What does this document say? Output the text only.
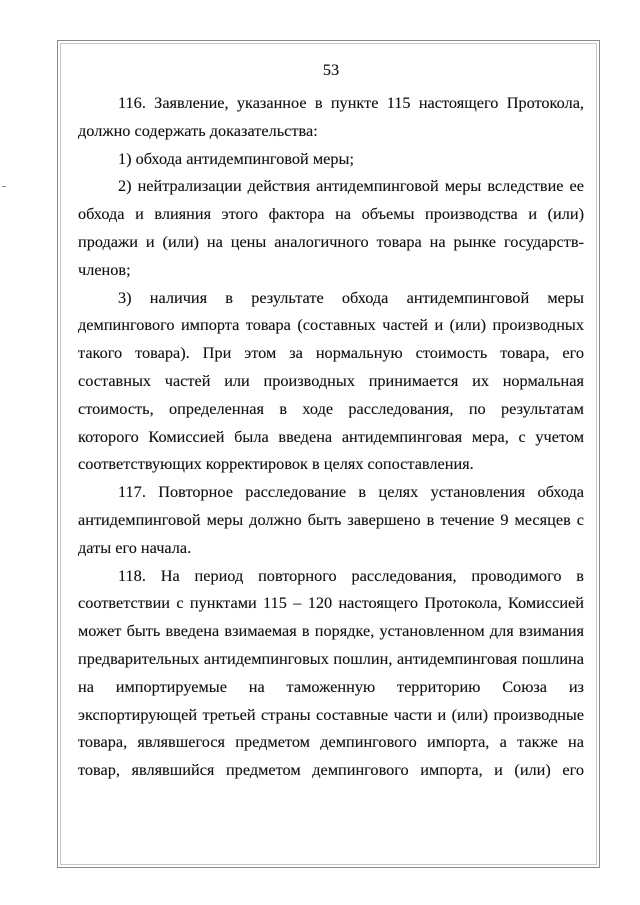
53
116. Заявление, указанное в пункте 115 настоящего Протокола,
должно содержать доказательства:
1) обхода антидемпинговой меры;
2) нейтрализации действия антидемпинговой меры вследствие ее
обхода и влияния этого фактора на объемы производства и (или)
продажи и (или) на цены аналогичного товара на рынке государств-
членов;
3) наличия в результате обхода антидемпинговой меры
демпингового импорта товара (составных частей и (или) производных
такого товара). При этом за нормальную стоимость товара, его
составных частей или производных принимается их нормальная
стоимость, определенная в ходе расследования, по результатам
которого Комиссией была введена антидемпинговая мера, с учетом
соответствующих корректировок в целях сопоставления.
117. Повторное расследование в целях установления обхода
антидемпинговой меры должно быть завершено в течение 9 месяцев с
даты его начала.
118. На период повторного расследования, проводимого в
соответствии с пунктами 115 – 120 настоящего Протокола, Комиссией
может быть введена взимаемая в порядке, установленном для взимания
предварительных антидемпинговых пошлин, антидемпинговая пошлина
на импортируемые на таможенную территорию Союза из
экспортирующей третьей страны составные части и (или) производные
товара, являвшегося предметом демпингового импорта, а также на
товар, являвшийся предметом демпингового импорта, и (или) его
